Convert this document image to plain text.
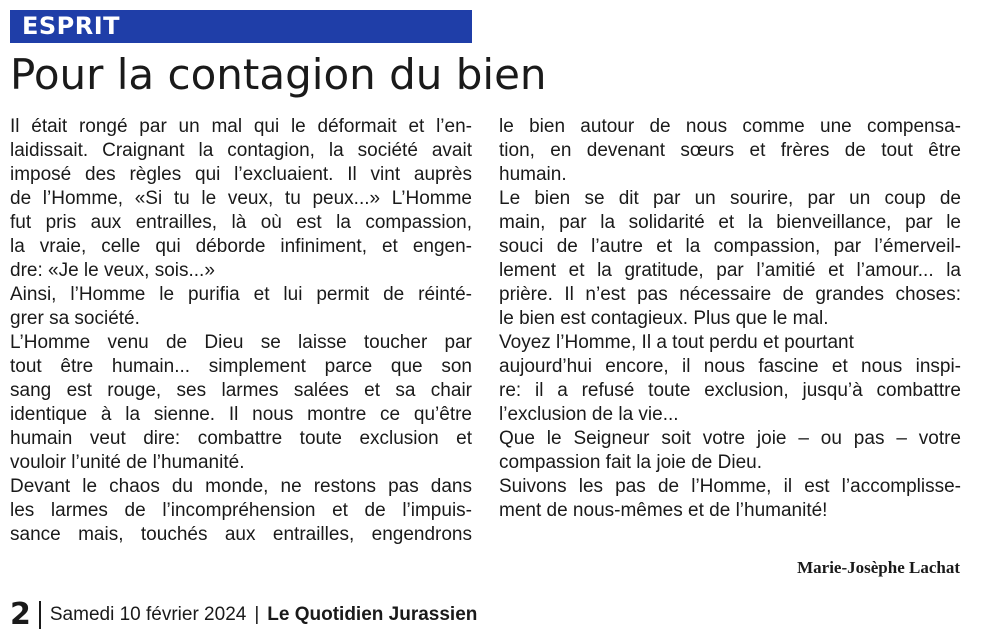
ESPRIT
Pour la contagion du bien
Il était rongé par un mal qui le déformait et l’en-
laidissait. Craignant la contagion, la société avait
imposé des règles qui l’excluaient. Il vint auprès
de l’Homme, «Si tu le veux, tu peux...» L’Homme
fut pris aux entrailles, là où est la compassion,
la vraie, celle qui déborde infiniment, et engen-
dre: «Je le veux, sois...»
Ainsi, l’Homme le purifia et lui permit de réinté-
grer sa société.
L’Homme venu de Dieu se laisse toucher par
tout être humain... simplement parce que son
sang est rouge, ses larmes salées et sa chair
identique à la sienne. Il nous montre ce qu’être
humain veut dire: combattre toute exclusion et
vouloir l’unité de l’humanité.
Devant le chaos du monde, ne restons pas dans
les larmes de l’incompréhension et de l’impuis-
sance mais, touchés aux entrailles, engendrons
le bien autour de nous comme une compensa-
tion, en devenant sœurs et frères de tout être
humain.
Le bien se dit par un sourire, par un coup de
main, par la solidarité et la bienveillance, par le
souci de l’autre et la compassion, par l’émerveil-
lement et la gratitude, par l’amitié et l’amour... la
prière. Il n’est pas nécessaire de grandes choses:
le bien est contagieux. Plus que le mal.
Voyez l’Homme, Il a tout perdu et pourtant
aujourd’hui encore, il nous fascine et nous inspi-
re: il a refusé toute exclusion, jusqu’à combattre
l’exclusion de la vie...
Que le Seigneur soit votre joie – ou pas – votre
compassion fait la joie de Dieu.
Suivons les pas de l’Homme, il est l’accomplisse-
ment de nous-mêmes et de l’humanité!
Marie-Josèphe Lachat
2 Samedi 10 février 2024 | Le Quotidien Jurassien
